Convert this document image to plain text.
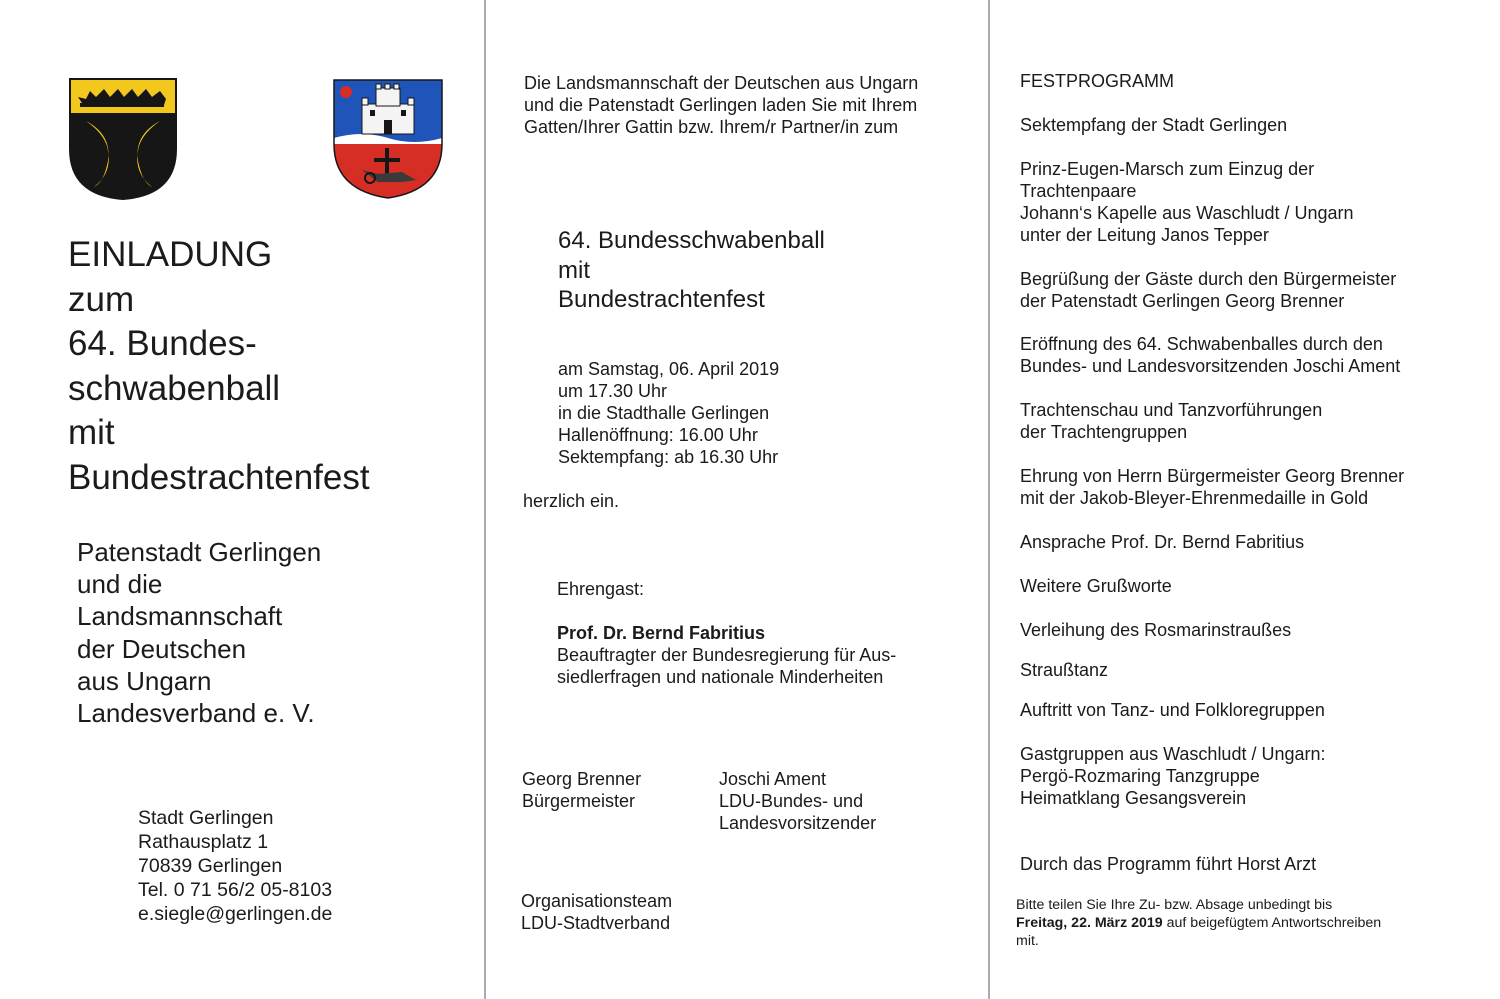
EINLADUNG
zum
64. Bundes-
schwabenball
mit
Bundestrachtenfest
Patenstadt Gerlingen
und die
Landsmannschaft
der Deutschen
aus Ungarn
Landesverband e. V.
Stadt Gerlingen
Rathausplatz 1
70839 Gerlingen
Tel. 0 71 56/2 05-8103
e.siegle@gerlingen.de
Die Landsmannschaft der Deutschen aus Ungarn
und die Patenstadt Gerlingen laden Sie mit Ihrem
Gatten/Ihrer Gattin bzw. Ihrem/r Partner/in zum
64. Bundesschwabenball
mit
Bundestrachtenfest
am Samstag, 06. April 2019
um 17.30 Uhr
in die Stadthalle Gerlingen
Hallenöffnung: 16.00 Uhr
Sektempfang: ab 16.30 Uhr
herzlich ein.
Ehrengast:
Prof. Dr. Bernd Fabritius
Beauftragter der Bundesregierung für Aus-
siedlerfragen und nationale Minderheiten
Georg Brenner
Bürgermeister
Joschi Ament
LDU-Bundes- und
Landesvorsitzender
Organisationsteam
LDU-Stadtverband
FESTPROGRAMM
Sektempfang der Stadt Gerlingen
Prinz-Eugen-Marsch zum Einzug der
Trachtenpaare
Johann‘s Kapelle aus Waschludt / Ungarn
unter der Leitung Janos Tepper
Begrüßung der Gäste durch den Bürgermeister
der Patenstadt Gerlingen Georg Brenner
Eröffnung des 64. Schwabenballes durch den
Bundes- und Landesvorsitzenden Joschi Ament
Trachtenschau und Tanzvorführungen
der Trachtengruppen
Ehrung von Herrn Bürgermeister Georg Brenner
mit der Jakob-Bleyer-Ehrenmedaille in Gold
Ansprache Prof. Dr. Bernd Fabritius
Weitere Grußworte
Verleihung des Rosmarinstraußes
Straußtanz
Auftritt von Tanz- und Folkloregruppen
Gastgruppen aus Waschludt / Ungarn:
Pergö-Rozmaring Tanzgruppe
Heimatklang Gesangsverein
Durch das Programm führt Horst Arzt
Bitte teilen Sie Ihre Zu- bzw. Absage unbedingt bis
Freitag, 22. März 2019 auf beigefügtem Antwortschreiben
mit.
